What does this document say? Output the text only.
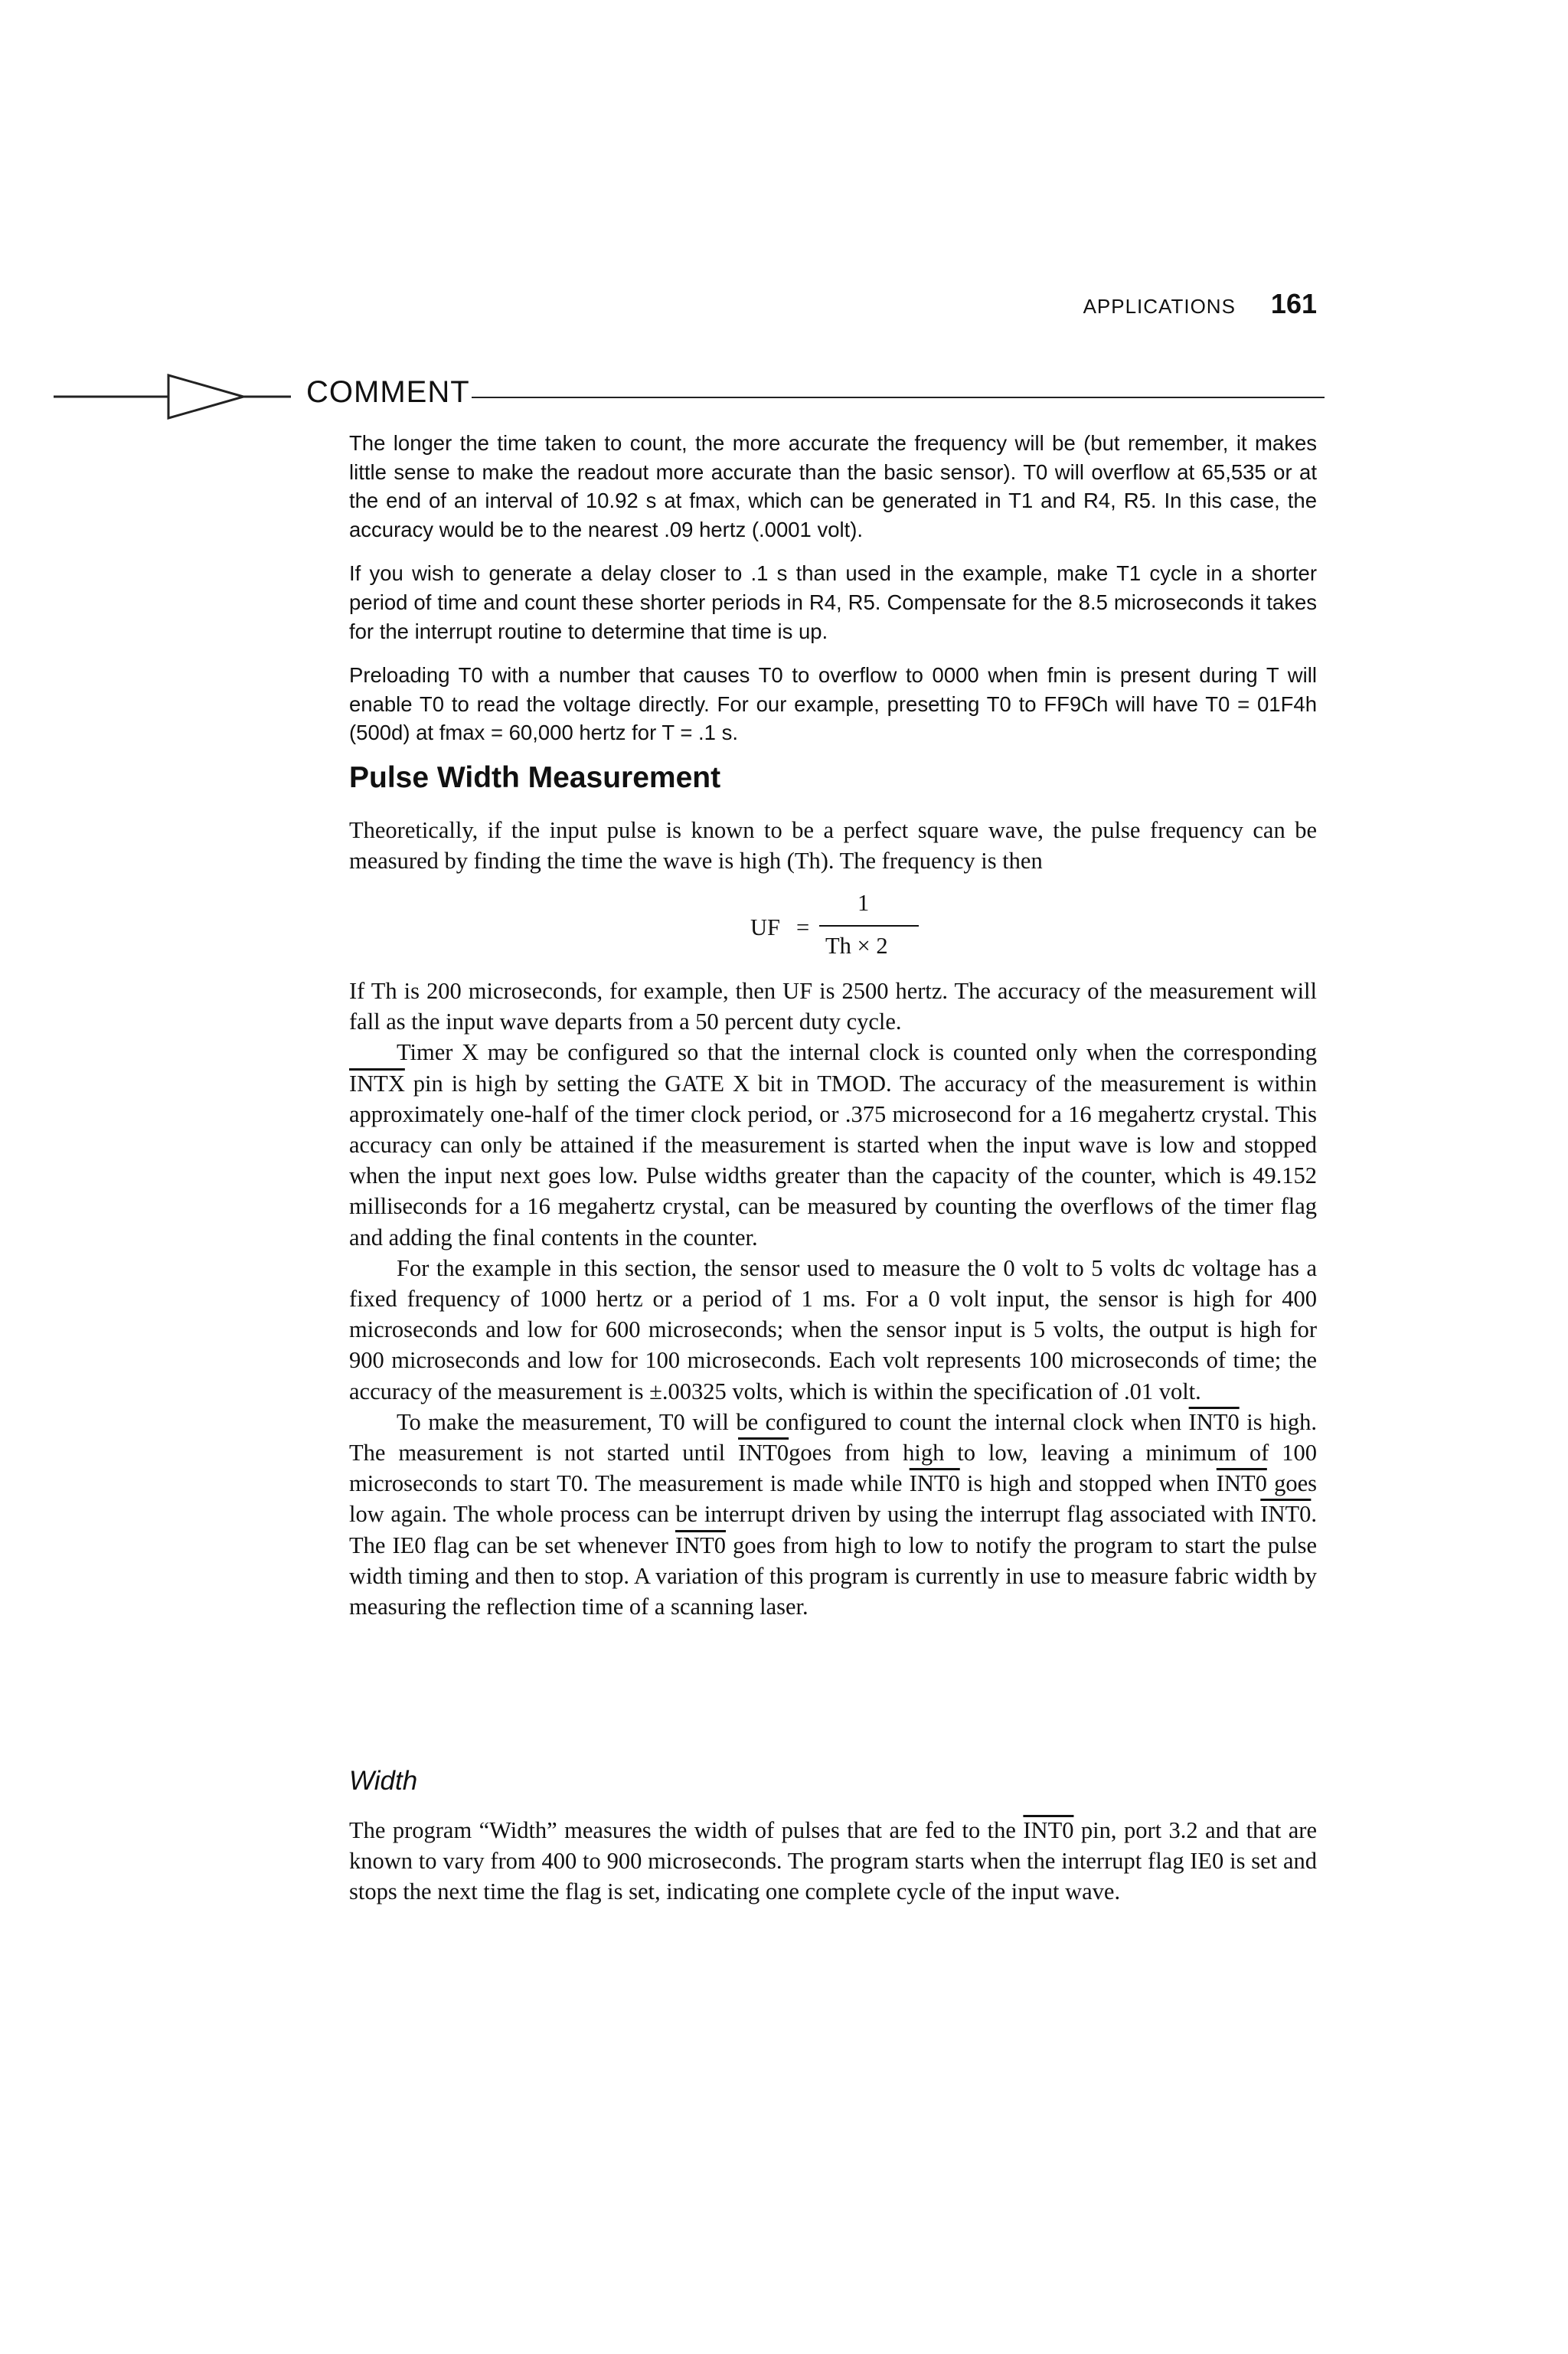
APPLICATIONS 161
COMMENT

The longer the time taken to count, the more accurate the frequency will be (but remember, it makes little sense to make the readout more accurate than the basic sensor). T0 will overflow at 65,535 or at the end of an interval of 10.92 s at fmax, which can be generated in T1 and R4, R5. In this case, the accuracy would be to the nearest .09 hertz (.0001 volt).

If you wish to generate a delay closer to .1 s than used in the example, make T1 cycle in a shorter period of time and count these shorter periods in R4, R5. Compensate for the 8.5 microseconds it takes for the interrupt routine to determine that time is up.

Preloading T0 with a number that causes T0 to overflow to 0000 when fmin is present during T will enable T0 to read the voltage directly. For our example, presetting T0 to FF9Ch will have T0 = 01F4h (500d) at fmax = 60,000 hertz for T = .1 s.

Pulse Width Measurement

Theoretically, if the input pulse is known to be a perfect square wave, the pulse frequency can be measured by finding the time the wave is high (Th). The frequency is then

UF =
1
Th × 2

If Th is 200 microseconds, for example, then UF is 2500 hertz. The accuracy of the measurement will fall as the input wave departs from a 50 percent duty cycle.

Timer X may be configured so that the internal clock is counted only when the corresponding INTX pin is high by setting the GATE X bit in TMOD. The accuracy of the measurement is within approximately one-half of the timer clock period, or .375 microsecond for a 16 megahertz crystal. This accuracy can only be attained if the measurement is started when the input wave is low and stopped when the input next goes low. Pulse widths greater than the capacity of the counter, which is 49.152 milliseconds for a 16 megahertz crystal, can be measured by counting the overflows of the timer flag and adding the final contents in the counter.

For the example in this section, the sensor used to measure the 0 volt to 5 volts dc voltage has a fixed frequency of 1000 hertz or a period of 1 ms. For a 0 volt input, the sensor is high for 400 microseconds and low for 600 microseconds; when the sensor input is 5 volts, the output is high for 900 microseconds and low for 100 microseconds. Each volt represents 100 microseconds of time; the accuracy of the measurement is ±.00325 volts, which is within the specification of .01 volt.

To make the measurement, T0 will be configured to count the internal clock when INT0 is high. The measurement is not started until INT0goes from high to low, leaving a minimum of 100 microseconds to start T0. The measurement is made while INT0 is high and stopped when INT0 goes low again. The whole process can be interrupt driven by using the interrupt flag associated with INT0. The IE0 flag can be set whenever INT0 goes from high to low to notify the program to start the pulse width timing and then to stop. A variation of this program is currently in use to measure fabric width by measuring the reflection time of a scanning laser.

Width

The program “Width” measures the width of pulses that are fed to the INT0 pin, port 3.2 and that are known to vary from 400 to 900 microseconds. The program starts when the interrupt flag IE0 is set and stops the next time the flag is set, indicating one complete cycle of the input wave.
